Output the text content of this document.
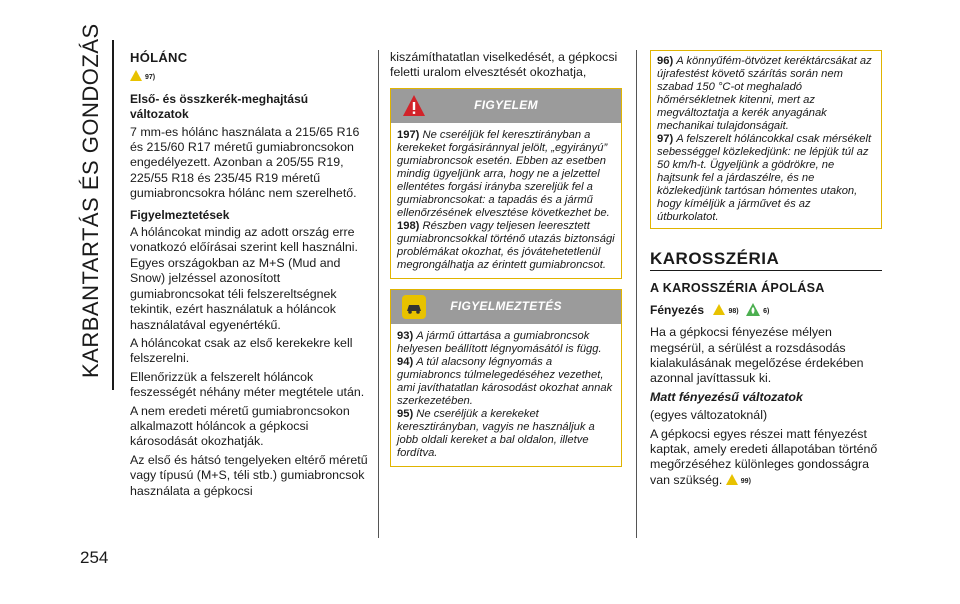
KARBANTARTÁS ÉS GONDOZÁS
254
HÓLÁNC
97)
Első- és összkerék-meghajtású változatok

7 mm-es hólánc használata a 215/65 R16 és 215/60 R17 méretű gumiabroncsokon engedélyezett. Azonban a 205/55 R19, 225/55 R18 és 235/45 R19 méretű gumiabroncsokra hólánc nem szerelhető.

Figyelmeztetések

A hóláncokat mindig az adott ország erre vonatkozó előírásai szerint kell használni. Egyes országokban az M+S (Mud and Snow) jelzéssel azonosított gumiabroncsokat téli felszereltségnek tekintik, ezért használatuk a hóláncok használatával egyenértékű.

A hóláncokat csak az első kerekekre kell felszerelni.

Ellenőrizzük a felszerelt hóláncok feszességét néhány méter megtétele után.

A nem eredeti méretű gumiabroncsokon alkalmazott hóláncok a gépkocsi károsodását okozhatják.

Az első és hátsó tengelyeken eltérő méretű vagy típusú (M+S, téli stb.) gumiabroncsok használata a gépkocsi

kiszámíthatatlan viselkedését, a gépkocsi feletti uralom elvesztését okozhatja,

FIGYELEM
197) Ne cseréljük fel keresztirányban a kerekeket forgásiránnyal jelölt, „egyirányú” gumiabroncsok esetén. Ebben az esetben mindig ügyeljünk arra, hogy ne a jelzettel ellentétes forgási irányba szereljük fel a gumiabroncsokat: a tapadás és a jármű ellenőrzésének elvesztése következhet be.
198) Részben vagy teljesen leeresztett gumiabroncsokkal történő utazás biztonsági problémákat okozhat, és jóvátehetetlenül megrongálhatja az érintett gumiabroncsot.
FIGYELMEZTETÉS
93) A jármű úttartása a gumiabroncsok helyesen beállított légnyomásától is függ.
94) A túl alacsony légnyomás a gumiabroncs túlmelegedéséhez vezethet, ami javíthatatlan károsodást okozhat annak szerkezetében.
95) Ne cseréljük a kerekeket keresztirányban, vagyis ne használjuk a jobb oldali kereket a bal oldalon, illetve fordítva.
96) A könnyűfém-ötvözet keréktárcsákat az újrafestést követő szárítás során nem szabad 150 °C-ot meghaladó hőmérsékletnek kitenni, mert az megváltoztatja a kerék anyagának mechanikai tulajdonságait.
97) A felszerelt hóláncokkal csak mérsékelt sebességgel közlekedjünk: ne lépjük túl az 50 km/h-t. Ügyeljünk a gödrökre, ne hajtsunk fel a járdaszélre, és ne közlekedjünk tartósan hómentes utakon, hogy kíméljük a járművet és az útburkolatot.
KAROSSZÉRIA
A KAROSSZÉRIA ÁPOLÁSA
Fényezés	98)	6)

Ha a gépkocsi fényezése mélyen megsérül, a sérülést a rozsdásodás kialakulásának megelőzése érdekében azonnal javíttassuk ki.

Matt fényezésű változatok

(egyes változatoknál)

A gépkocsi egyes részei matt fényezést kaptak, amely eredeti állapotában történő megőrzéséhez különleges gondosságra van szükség.	99)
